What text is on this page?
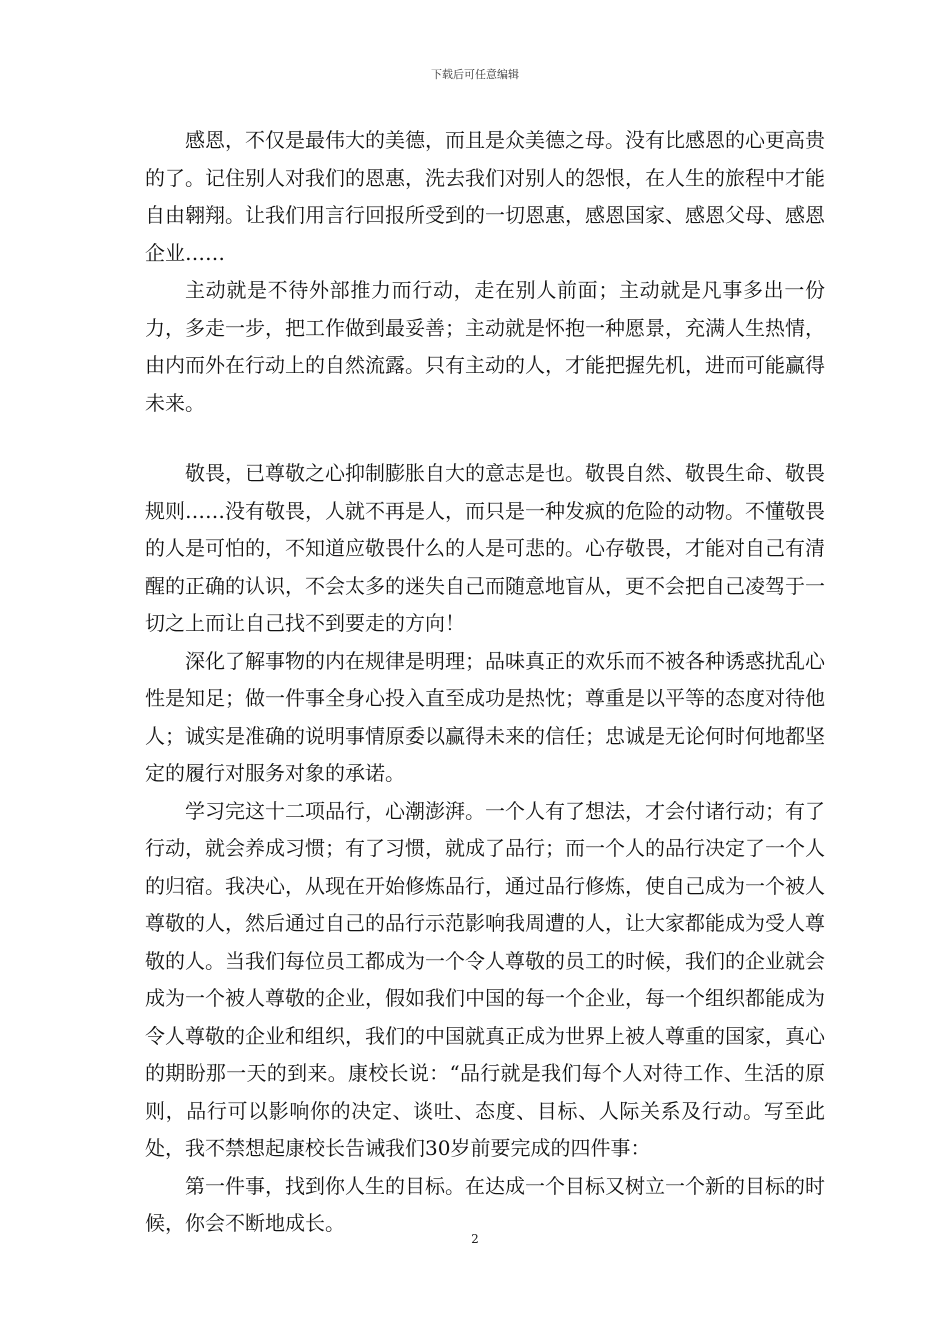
下载后可任意编辑

感恩，不仅是最伟大的美德，而且是众美德之母。没有比感恩的心更高贵的了。记住别人对我们的恩惠，洗去我们对别人的怨恨，在人生的旅程中才能自由翱翔。让我们用言行回报所受到的一切恩惠，感恩国家、感恩父母、感恩企业……

主动就是不待外部推力而行动，走在别人前面；主动就是凡事多出一份力，多走一步，把工作做到最妥善；主动就是怀抱一种愿景，充满人生热情，由内而外在行动上的自然流露。只有主动的人，才能把握先机，进而可能赢得未来。

敬畏，已尊敬之心抑制膨胀自大的意志是也。敬畏自然、敬畏生命、敬畏规则……没有敬畏，人就不再是人，而只是一种发疯的危险的动物。不懂敬畏的人是可怕的，不知道应敬畏什么的人是可悲的。心存敬畏，才能对自己有清醒的正确的认识，不会太多的迷失自己而随意地盲从，更不会把自己凌驾于一切之上而让自己找不到要走的方向！

深化了解事物的内在规律是明理；品味真正的欢乐而不被各种诱惑扰乱心性是知足；做一件事全身心投入直至成功是热忱；尊重是以平等的态度对待他人；诚实是准确的说明事情原委以赢得未来的信任；忠诚是无论何时何地都坚定的履行对服务对象的承诺。

学习完这十二项品行，心潮澎湃。一个人有了想法，才会付诸行动；有了行动，就会养成习惯；有了习惯，就成了品行；而一个人的品行决定了一个人的归宿。我决心，从现在开始修炼品行，通过品行修炼，使自己成为一个被人尊敬的人，然后通过自己的品行示范影响我周遭的人，让大家都能成为受人尊敬的人。当我们每位员工都成为一个令人尊敬的员工的时候，我们的企业就会成为一个被人尊敬的企业，假如我们中国的每一个企业，每一个组织都能成为令人尊敬的企业和组织，我们的中国就真正成为世界上被人尊重的国家，真心的期盼那一天的到来。康校长说：“品行就是我们每个人对待工作、生活的原则，品行可以影响你的决定、谈吐、态度、目标、人际关系及行动。写至此处，我不禁想起康校长告诫我们30岁前要完成的四件事：

第一件事，找到你人生的目标。在达成一个目标又树立一个新的目标的时候，你会不断地成长。

2
